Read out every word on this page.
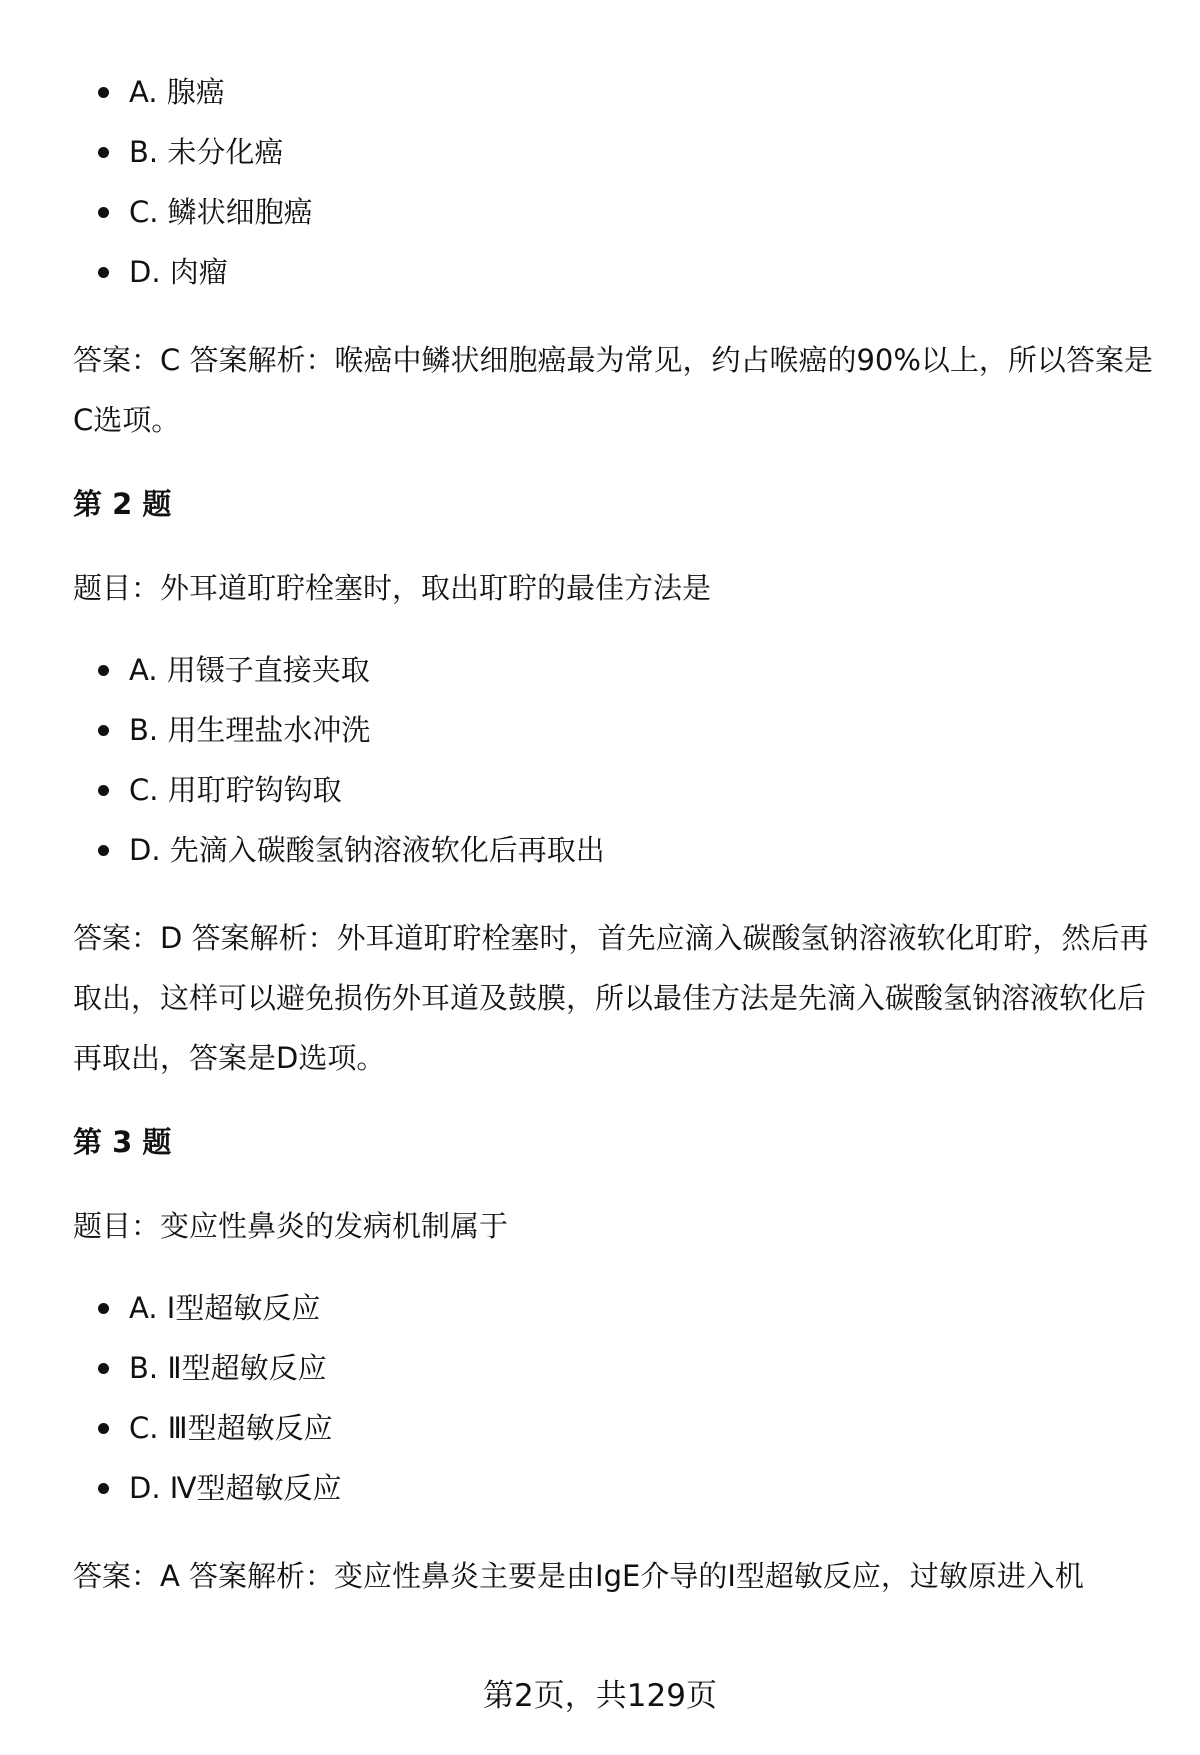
A. 腺癌
B. 未分化癌
C. 鳞状细胞癌
D. 肉瘤

答案：C 答案解析：喉癌中鳞状细胞癌最为常见，约占喉癌的90%以上，所以答案是C选项。

第 2 题

题目：外耳道耵聍栓塞时，取出耵聍的最佳方法是

A. 用镊子直接夹取
B. 用生理盐水冲洗
C. 用耵聍钩钩取
D. 先滴入碳酸氢钠溶液软化后再取出

答案：D 答案解析：外耳道耵聍栓塞时，首先应滴入碳酸氢钠溶液软化耵聍，然后再取出，这样可以避免损伤外耳道及鼓膜，所以最佳方法是先滴入碳酸氢钠溶液软化后再取出，答案是D选项。

第 3 题

题目：变应性鼻炎的发病机制属于

A. Ⅰ型超敏反应
B. Ⅱ型超敏反应
C. Ⅲ型超敏反应
D. Ⅳ型超敏反应

答案：A 答案解析：变应性鼻炎主要是由IgE介导的Ⅰ型超敏反应，过敏原进入机

第2页，共129页
